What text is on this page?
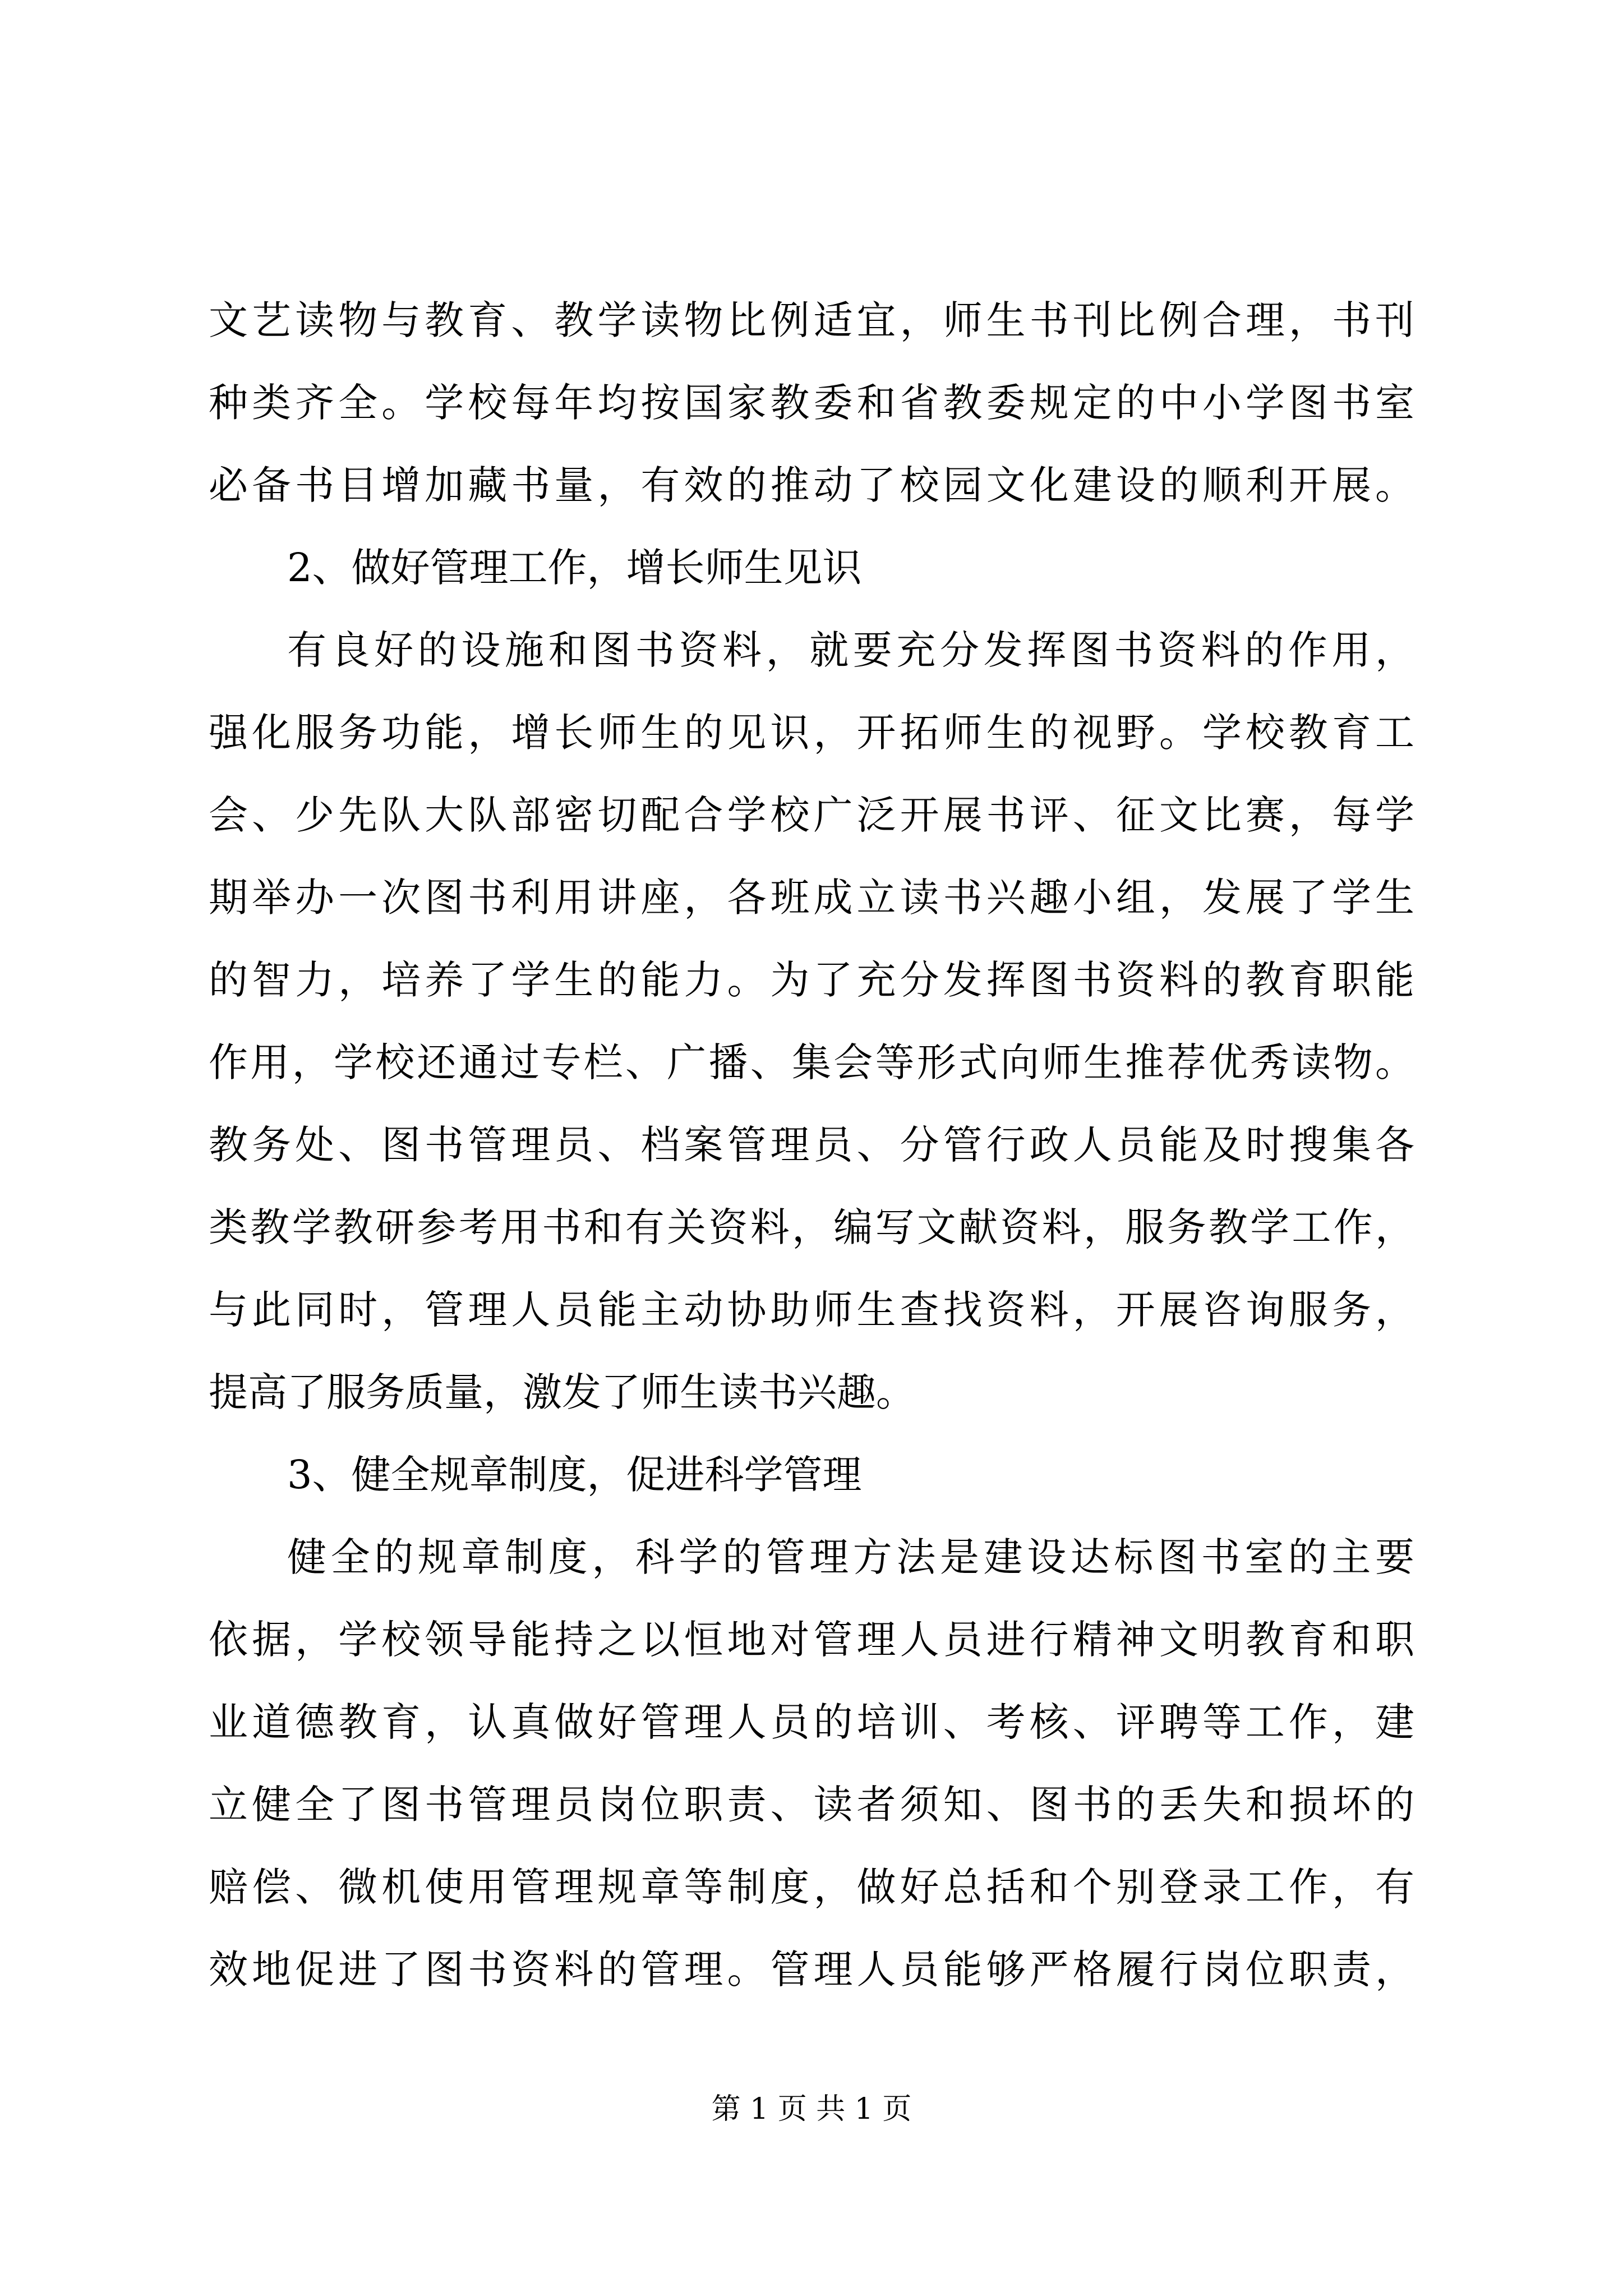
文艺读物与教育、教学读物比例适宜，师生书刊比例合理，书刊
种类齐全。学校每年均按国家教委和省教委规定的中小学图书室
必备书目增加藏书量，有效的推动了校园文化建设的顺利开展。
2、做好管理工作，增长师生见识
有良好的设施和图书资料，就要充分发挥图书资料的作用，
强化服务功能，增长师生的见识，开拓师生的视野。学校教育工
会、少先队大队部密切配合学校广泛开展书评、征文比赛，每学
期举办一次图书利用讲座，各班成立读书兴趣小组，发展了学生
的智力，培养了学生的能力。为了充分发挥图书资料的教育职能
作用，学校还通过专栏、广播、集会等形式向师生推荐优秀读物。
教务处、图书管理员、档案管理员、分管行政人员能及时搜集各
类教学教研参考用书和有关资料，编写文献资料，服务教学工作，
与此同时，管理人员能主动协助师生查找资料，开展咨询服务，
提高了服务质量，激发了师生读书兴趣。
3、健全规章制度，促进科学管理
健全的规章制度，科学的管理方法是建设达标图书室的主要
依据，学校领导能持之以恒地对管理人员进行精神文明教育和职
业道德教育，认真做好管理人员的培训、考核、评聘等工作，建
立健全了图书管理员岗位职责、读者须知、图书的丢失和损坏的
赔偿、微机使用管理规章等制度，做好总括和个别登录工作，有
效地促进了图书资料的管理。管理人员能够严格履行岗位职责，
第 1 页 共 1 页
